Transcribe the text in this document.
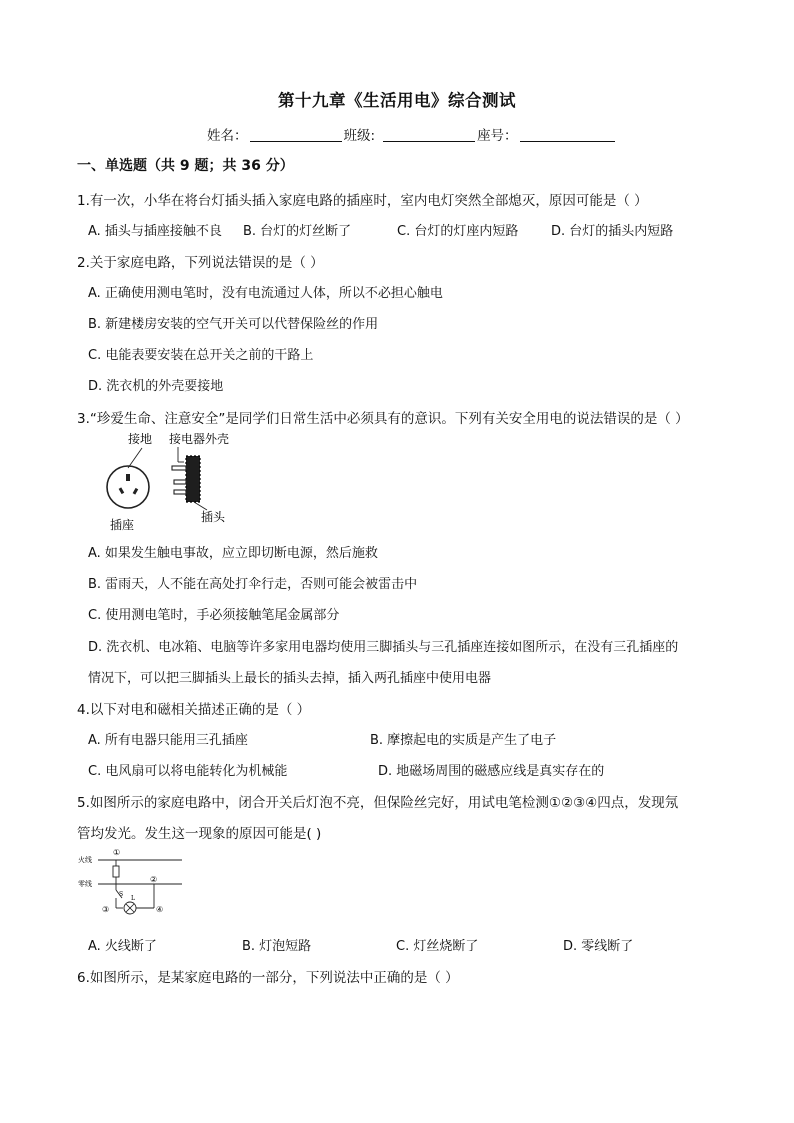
第十九章《生活用电》综合测试
姓名：	班级:	座号：
一、单选题（共 9 题；共 36 分）
1.有一次，小华在将台灯插头插入家庭电路的插座时，室内电灯突然全部熄灭，原因可能是（ ）
A. 插头与插座接触不良 B. 台灯的灯丝断了	C. 台灯的灯座内短路	D. 台灯的插头内短路
2.关于家庭电路，下列说法错误的是（ ）
A. 正确使用测电笔时，没有电流通过人体，所以不必担心触电
B. 新建楼房安装的空气开关可以代替保险丝的作用
C. 电能表要安装在总开关之前的干路上
D. 洗衣机的外壳要接地
3.“珍爱生命、注意安全”是同学们日常生活中必须具有的意识。下列有关安全用电的说法错误的是（ ）
接地 接电器外壳
插座
插头
A. 如果发生触电事故，应立即切断电源，然后施救
B. 雷雨天，人不能在高处打伞行走，否则可能会被雷击中
C. 使用测电笔时，手必须接触笔尾金属部分
D. 洗衣机、电冰箱、电脑等许多家用电器均使用三脚插头与三孔插座连接如图所示，在没有三孔插座的
情况下，可以把三脚插头上最长的插头去掉，插入两孔插座中使用电器
4.以下对电和磁相关描述正确的是（ ）
A. 所有电器只能用三孔插座	B. 摩擦起电的实质是产生了电子
C. 电风扇可以将电能转化为机械能	D. 地磁场周围的磁感应线是真实存在的
5.如图所示的家庭电路中，闭合开关后灯泡不亮，但保险丝完好，用试电笔检测①②③④四点，发现氖
管均发光。发生这一现象的原因可能是( )
火线
零线
①
S
②
L
③	④
A. 火线断了	B. 灯泡短路	C. 灯丝烧断了	D. 零线断了
6.如图所示，是某家庭电路的一部分，下列说法中正确的是（ ）
